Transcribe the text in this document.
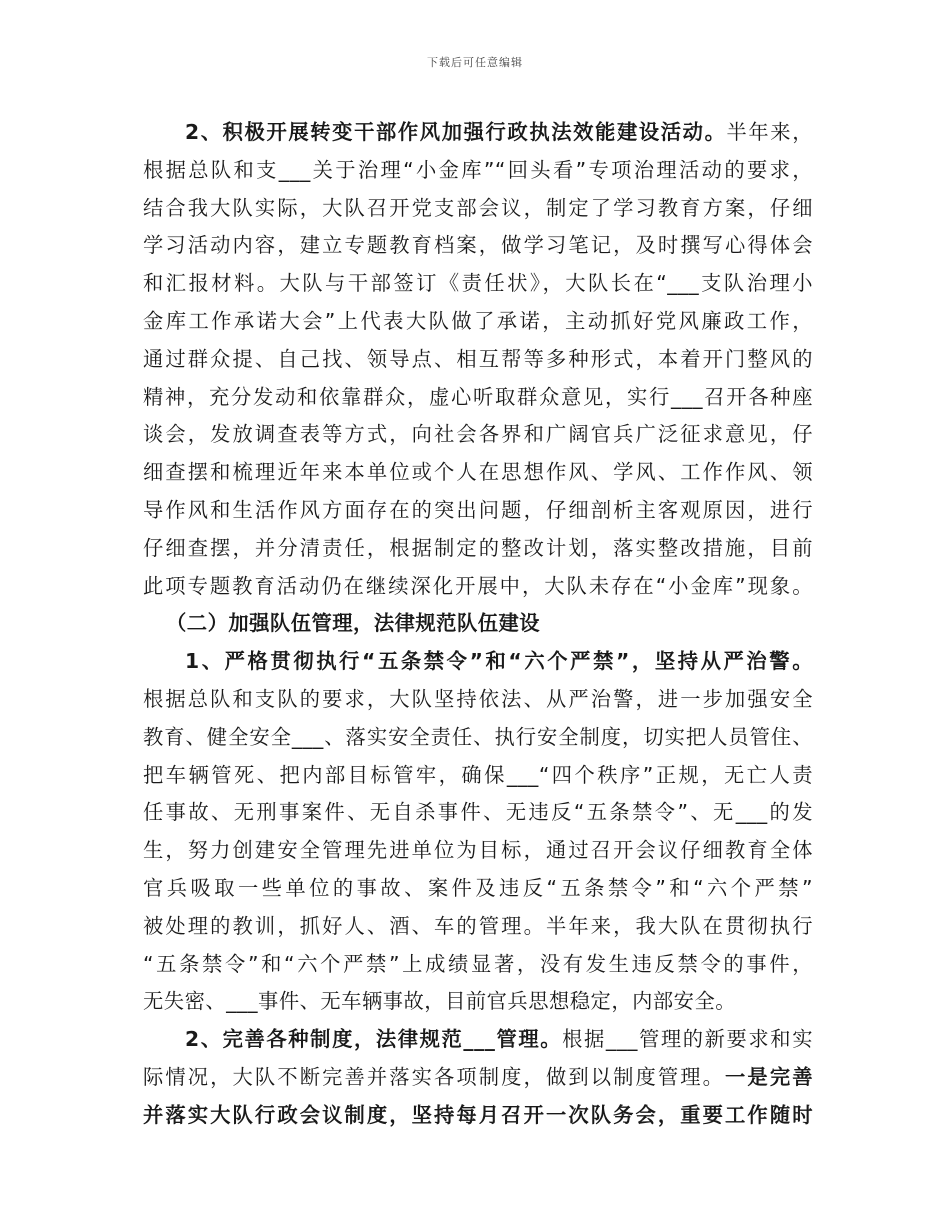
下载后可任意编辑
2、积极开展转变干部作风加强行政执法效能建设活动。半年来，
根据总队和支___关于治理“小金库”“回头看”专项治理活动的要求，
结合我大队实际，大队召开党支部会议，制定了学习教育方案，仔细
学习活动内容，建立专题教育档案，做学习笔记，及时撰写心得体会
和汇报材料。大队与干部签订《责任状》，大队长在“___支队治理小
金库工作承诺大会”上代表大队做了承诺，主动抓好党风廉政工作，
通过群众提、自己找、领导点、相互帮等多种形式，本着开门整风的
精神，充分发动和依靠群众，虚心听取群众意见，实行___召开各种座
谈会，发放调查表等方式，向社会各界和广阔官兵广泛征求意见，仔
细查摆和梳理近年来本单位或个人在思想作风、学风、工作作风、领
导作风和生活作风方面存在的突出问题，仔细剖析主客观原因，进行
仔细查摆，并分清责任，根据制定的整改计划，落实整改措施，目前
此项专题教育活动仍在继续深化开展中，大队未存在“小金库”现象。
（二）加强队伍管理，法律规范队伍建设
1、严格贯彻执行“五条禁令”和“六个严禁”，坚持从严治警。
根据总队和支队的要求，大队坚持依法、从严治警，进一步加强安全
教育、健全安全___、落实安全责任、执行安全制度，切实把人员管住、
把车辆管死、把内部目标管牢，确保___“四个秩序”正规，无亡人责
任事故、无刑事案件、无自杀事件、无违反“五条禁令”、无___的发
生，努力创建安全管理先进单位为目标，通过召开会议仔细教育全体
官兵吸取一些单位的事故、案件及违反“五条禁令”和“六个严禁”
被处理的教训，抓好人、酒、车的管理。半年来，我大队在贯彻执行
“五条禁令”和“六个严禁”上成绩显著，没有发生违反禁令的事件，
无失密、___事件、无车辆事故，目前官兵思想稳定，内部安全。
2、完善各种制度，法律规范___管理。根据___管理的新要求和实
际情况，大队不断完善并落实各项制度，做到以制度管理。一是完善
并落实大队行政会议制度，坚持每月召开一次队务会，重要工作随时
